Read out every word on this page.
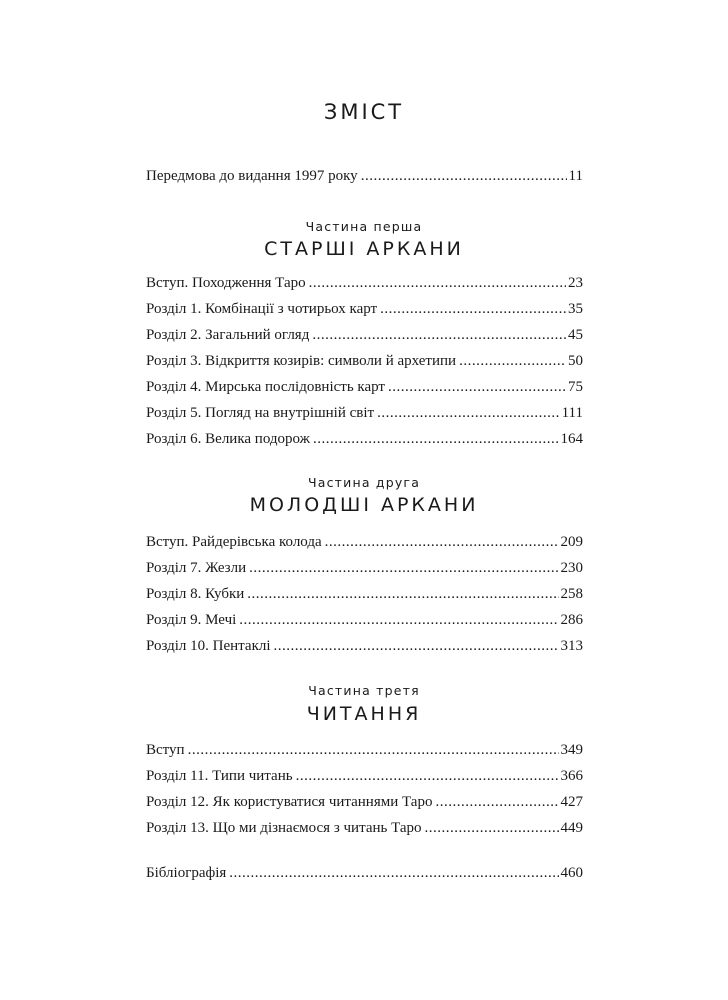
ЗМІСТ
Передмова до видання 1997 року .....	11
Частина перша
СТАРШІ АРКАНИ
Вступ. Походження Таро .....	23
Розділ 1. Комбінації з чотирьох карт .....	35
Розділ 2. Загальний огляд .....	45
Розділ 3. Відкриття козирів: символи й архетипи .....	50
Розділ 4. Мирська послідовність карт .....	75
Розділ 5. Погляд на внутрішній світ .....	111
Розділ 6. Велика подорож .....	164
Частина друга
МОЛОДШІ АРКАНИ
Вступ. Райдерівська колода .....	209
Розділ 7. Жезли .....	230
Розділ 8. Кубки .....	258
Розділ 9. Мечі .....	286
Розділ 10. Пентаклі .....	313
Частина третя
ЧИТАННЯ
Вступ .....	349
Розділ 11. Типи читань .....	366
Розділ 12. Як користуватися читаннями Таро .....	427
Розділ 13. Що ми дізнаємося з читань Таро .....	449
Бібліографія .....	460
